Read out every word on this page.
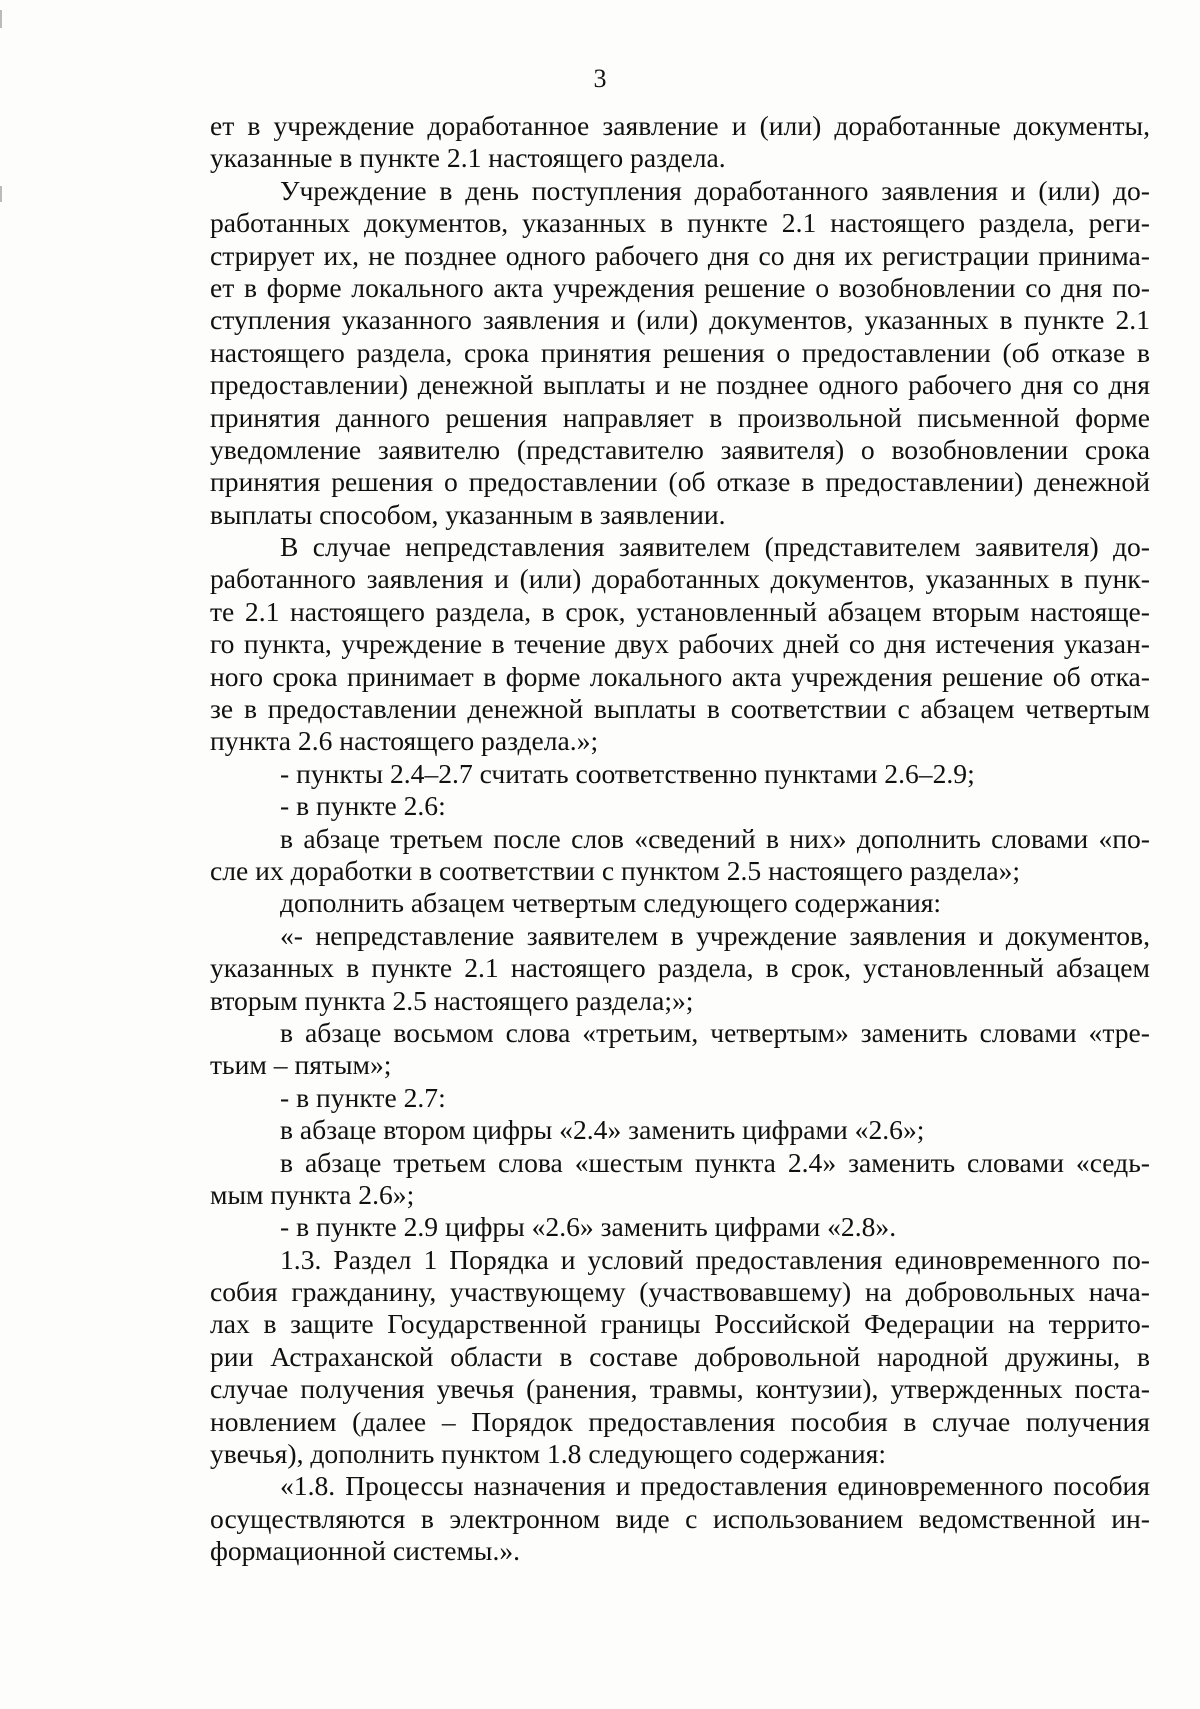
3
ет в учреждение доработанное заявление и (или) доработанные документы,
указанные в пункте 2.1 настоящего раздела.
Учреждение в день поступления доработанного заявления и (или) до-
работанных документов, указанных в пункте 2.1 настоящего раздела, реги-
стрирует их, не позднее одного рабочего дня со дня их регистрации принима-
ет в форме локального акта учреждения решение о возобновлении со дня по-
ступления указанного заявления и (или) документов, указанных в пункте 2.1
настоящего раздела, срока принятия решения о предоставлении (об отказе в
предоставлении) денежной выплаты и не позднее одного рабочего дня со дня
принятия данного решения направляет в произвольной письменной форме
уведомление заявителю (представителю заявителя) о возобновлении срока
принятия решения о предоставлении (об отказе в предоставлении) денежной
выплаты способом, указанным в заявлении.
В случае непредставления заявителем (представителем заявителя) до-
работанного заявления и (или) доработанных документов, указанных в пунк-
те 2.1 настоящего раздела, в срок, установленный абзацем вторым настояще-
го пункта, учреждение в течение двух рабочих дней со дня истечения указан-
ного срока принимает в форме локального акта учреждения решение об отка-
зе в предоставлении денежной выплаты в соответствии с абзацем четвертым
пункта 2.6 настоящего раздела.»;
- пункты 2.4–2.7 считать соответственно пунктами 2.6–2.9;
- в пункте 2.6:
в абзаце третьем после слов «сведений в них» дополнить словами «по-
сле их доработки в соответствии с пунктом 2.5 настоящего раздела»;
дополнить абзацем четвертым следующего содержания:
«- непредставление заявителем в учреждение заявления и документов,
указанных в пункте 2.1 настоящего раздела, в срок, установленный абзацем
вторым пункта 2.5 настоящего раздела;»;
в абзаце восьмом слова «третьим, четвертым» заменить словами «тре-
тьим – пятым»;
- в пункте 2.7:
в абзаце втором цифры «2.4» заменить цифрами «2.6»;
в абзаце третьем слова «шестым пункта 2.4» заменить словами «седь-
мым пункта 2.6»;
- в пункте 2.9 цифры «2.6» заменить цифрами «2.8».
1.3. Раздел 1 Порядка и условий предоставления единовременного по-
собия гражданину, участвующему (участвовавшему) на добровольных нача-
лах в защите Государственной границы Российской Федерации на террито-
рии Астраханской области в составе добровольной народной дружины, в
случае получения увечья (ранения, травмы, контузии), утвержденных поста-
новлением (далее – Порядок предоставления пособия в случае получения
увечья), дополнить пунктом 1.8 следующего содержания:
«1.8. Процессы назначения и предоставления единовременного пособия
осуществляются в электронном виде с использованием ведомственной ин-
формационной системы.».
